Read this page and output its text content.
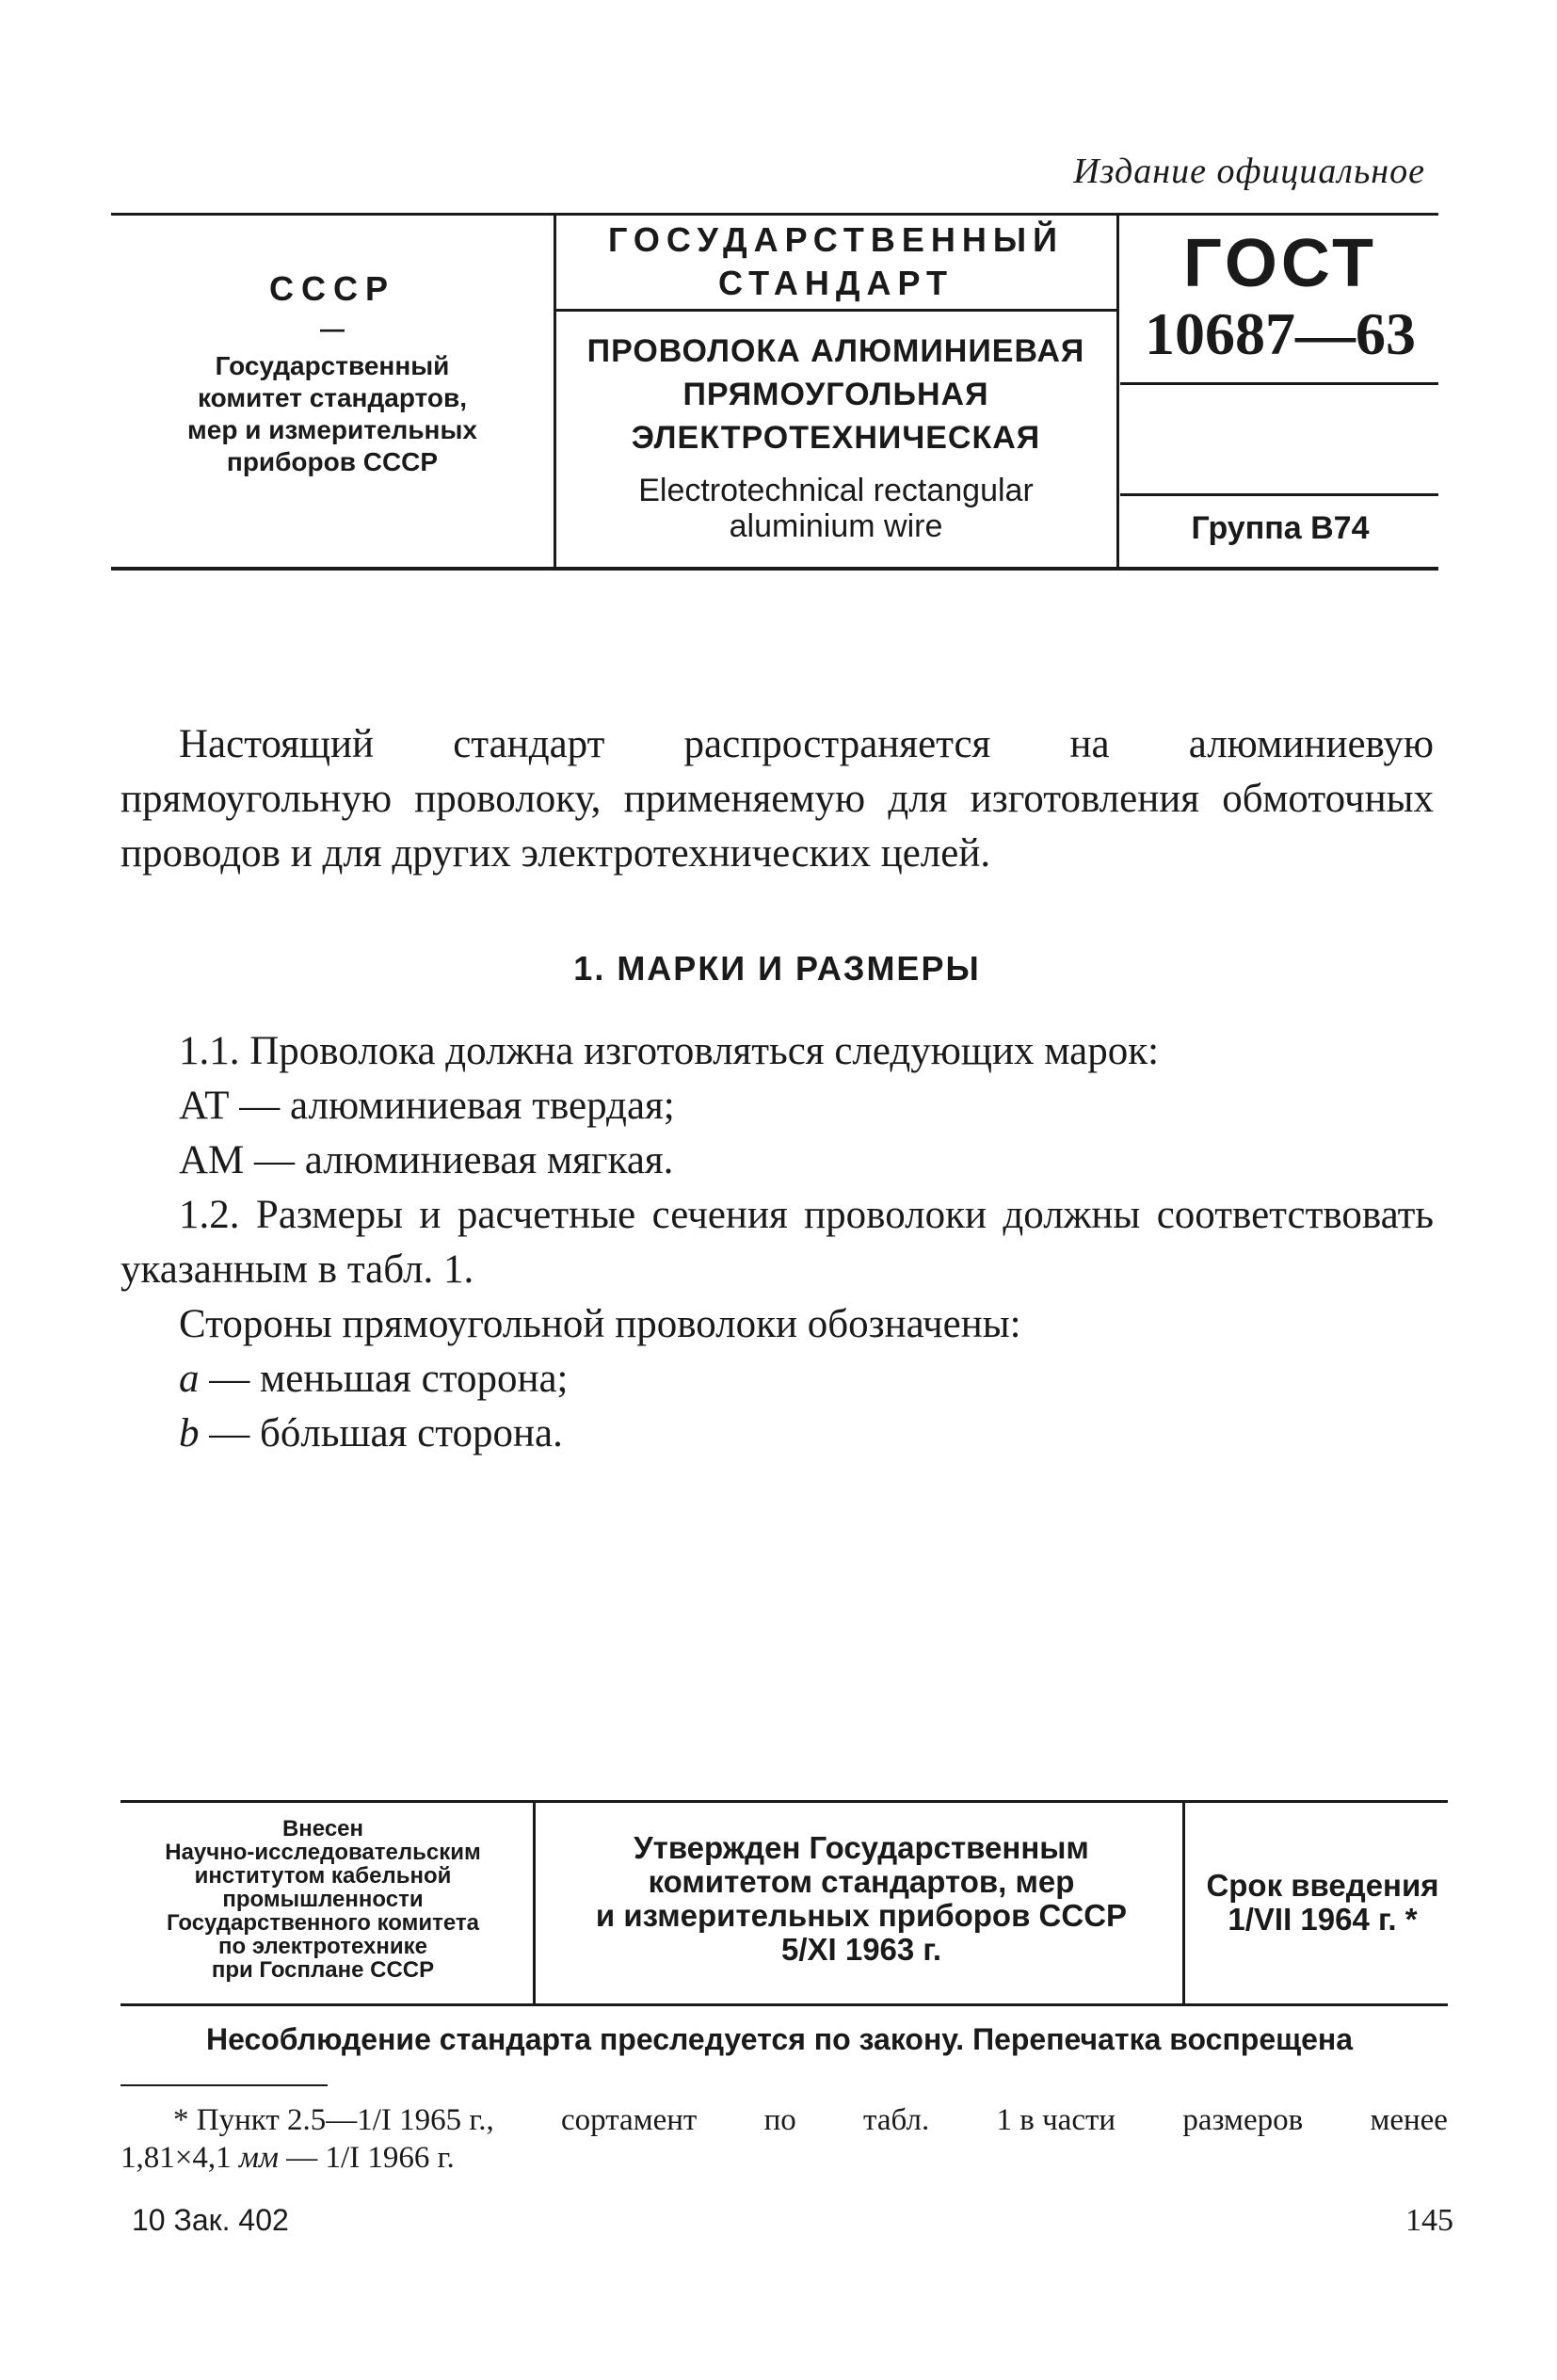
Издание официальное
СССР
—
Государственный
комитет стандартов,
мер и измерительных
приборов СССР
ГОСУДАРСТВЕННЫЙ
СТАНДАРТ
ПРОВОЛОКА АЛЮМИНИЕВАЯ
ПРЯМОУГОЛЬНАЯ
ЭЛЕКТРОТЕХНИЧЕСКАЯ
Electrotechnical rectangular
aluminium wire
ГОСТ
10687—63
Группа В74

Настоящий стандарт распространяется на алюминиевую прямоугольную проволоку, применяемую для изготовления обмоточных проводов и для других электротехнических целей.

1. МАРКИ И РАЗМЕРЫ

1.1. Проволока должна изготовляться следующих марок:

АТ — алюминиевая твердая;

АМ — алюминиевая мягкая.

1.2. Размеры и расчетные сечения проволоки должны соответствовать указанным в табл. 1.

Стороны прямоугольной проволоки обозначены:

а — меньшая сторона;

b — бóльшая сторона.

Внесен
Научно-исследовательским
институтом кабельной
промышленности
Государственного комитета
по электротехнике
при Госплане СССР
Утвержден Государственным
комитетом стандартов, мер
и измерительных приборов СССР
5/XI 1963 г.
Срок введения
1/VII 1964 г. *
Несоблюдение стандарта преследуется по закону. Перепечатка воспрещена
* Пункт 2.5—1/I 1965 г., сортамент по табл. 1 в части размеров менее
1,81×4,1 мм — 1/I 1966 г.
10 Зак. 402	145
